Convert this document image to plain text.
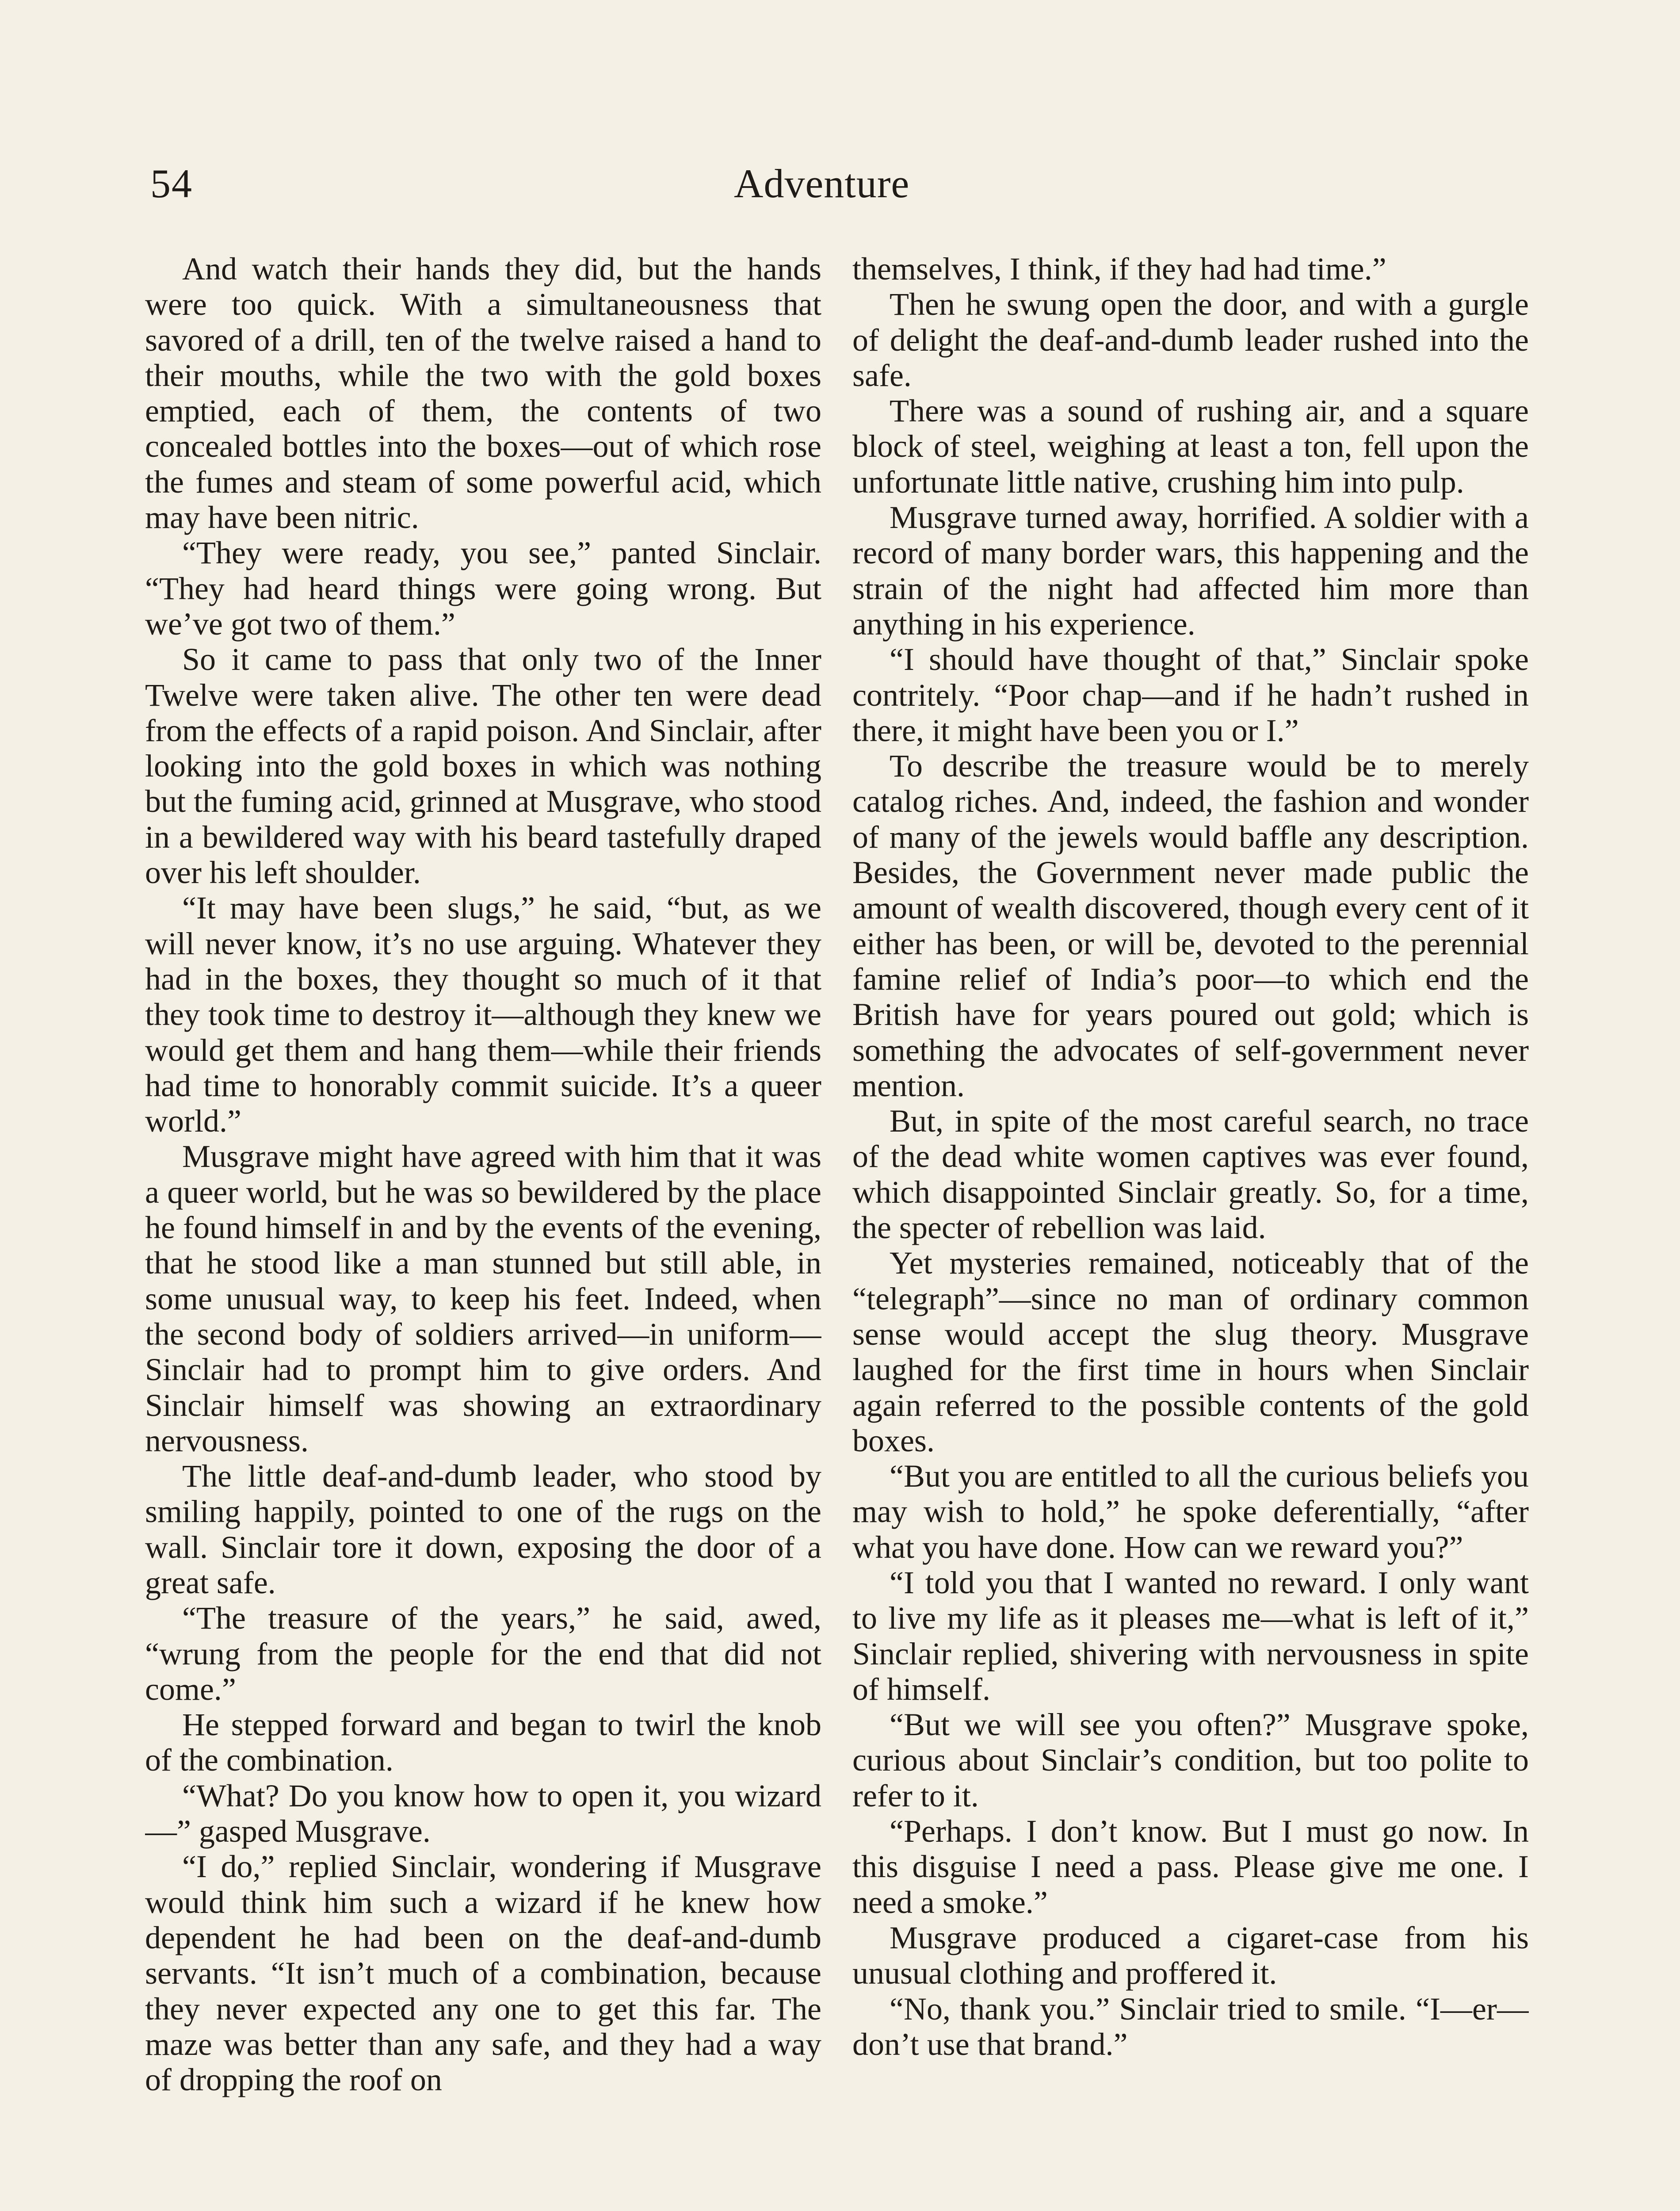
54	Adventure

And watch their hands they did, but the hands were too quick. With a simultaneousness that savored of a drill, ten of the twelve raised a hand to their mouths, while the two with the gold boxes emptied, each of them, the contents of two concealed bottles into the boxes—out of which rose the fumes and steam of some powerful acid, which may have been nitric.

“They were ready, you see,” panted Sinclair. “They had heard things were going wrong. But we’ve got two of them.”

So it came to pass that only two of the Inner Twelve were taken alive. The other ten were dead from the effects of a rapid poison. And Sinclair, after looking into the gold boxes in which was nothing but the fuming acid, grinned at Musgrave, who stood in a bewildered way with his beard tastefully draped over his left shoulder.

“It may have been slugs,” he said, “but, as we will never know, it’s no use arguing. Whatever they had in the boxes, they thought so much of it that they took time to destroy it—although they knew we would get them and hang them—while their friends had time to honorably commit suicide. It’s a queer world.”

Musgrave might have agreed with him that it was a queer world, but he was so bewildered by the place he found himself in and by the events of the evening, that he stood like a man stunned but still able, in some unusual way, to keep his feet. Indeed, when the second body of soldiers arrived—in uniform—Sinclair had to prompt him to give orders. And Sinclair himself was showing an extraordinary nervousness.

The little deaf-and-dumb leader, who stood by smiling happily, pointed to one of the rugs on the wall. Sinclair tore it down, exposing the door of a great safe.

“The treasure of the years,” he said, awed, “wrung from the people for the end that did not come.”

He stepped forward and began to twirl the knob of the combination.

“What? Do you know how to open it, you wizard—” gasped Musgrave.

“I do,” replied Sinclair, wondering if Musgrave would think him such a wizard if he knew how dependent he had been on the deaf-and-dumb servants. “It isn’t much of a combination, because they never expected any one to get this far. The maze was better than any safe, and they had a way of dropping the roof on

themselves, I think, if they had had time.”

Then he swung open the door, and with a gurgle of delight the deaf-and-dumb leader rushed into the safe.

There was a sound of rushing air, and a square block of steel, weighing at least a ton, fell upon the unfortunate little native, crushing him into pulp.

Musgrave turned away, horrified. A soldier with a record of many border wars, this happening and the strain of the night had affected him more than anything in his experience.

“I should have thought of that,” Sinclair spoke contritely. “Poor chap—and if he hadn’t rushed in there, it might have been you or I.”

To describe the treasure would be to merely catalog riches. And, indeed, the fashion and wonder of many of the jewels would baffle any description. Besides, the Government never made public the amount of wealth discovered, though every cent of it either has been, or will be, devoted to the perennial famine relief of India’s poor—to which end the British have for years poured out gold; which is something the advocates of self-government never mention.

But, in spite of the most careful search, no trace of the dead white women captives was ever found, which disappointed Sinclair greatly. So, for a time, the specter of rebellion was laid.

Yet mysteries remained, noticeably that of the “telegraph”—since no man of ordinary common sense would accept the slug theory. Musgrave laughed for the first time in hours when Sinclair again referred to the possible contents of the gold boxes.

“But you are entitled to all the curious beliefs you may wish to hold,” he spoke deferentially, “after what you have done. How can we reward you?”

“I told you that I wanted no reward. I only want to live my life as it pleases me—what is left of it,” Sinclair replied, shivering with nervousness in spite of himself.

“But we will see you often?” Musgrave spoke, curious about Sinclair’s condition, but too polite to refer to it.

“Perhaps. I don’t know. But I must go now. In this disguise I need a pass. Please give me one. I need a smoke.”

Musgrave produced a cigaret-case from his unusual clothing and proffered it.

“No, thank you.” Sinclair tried to smile. “I—er—don’t use that brand.”
